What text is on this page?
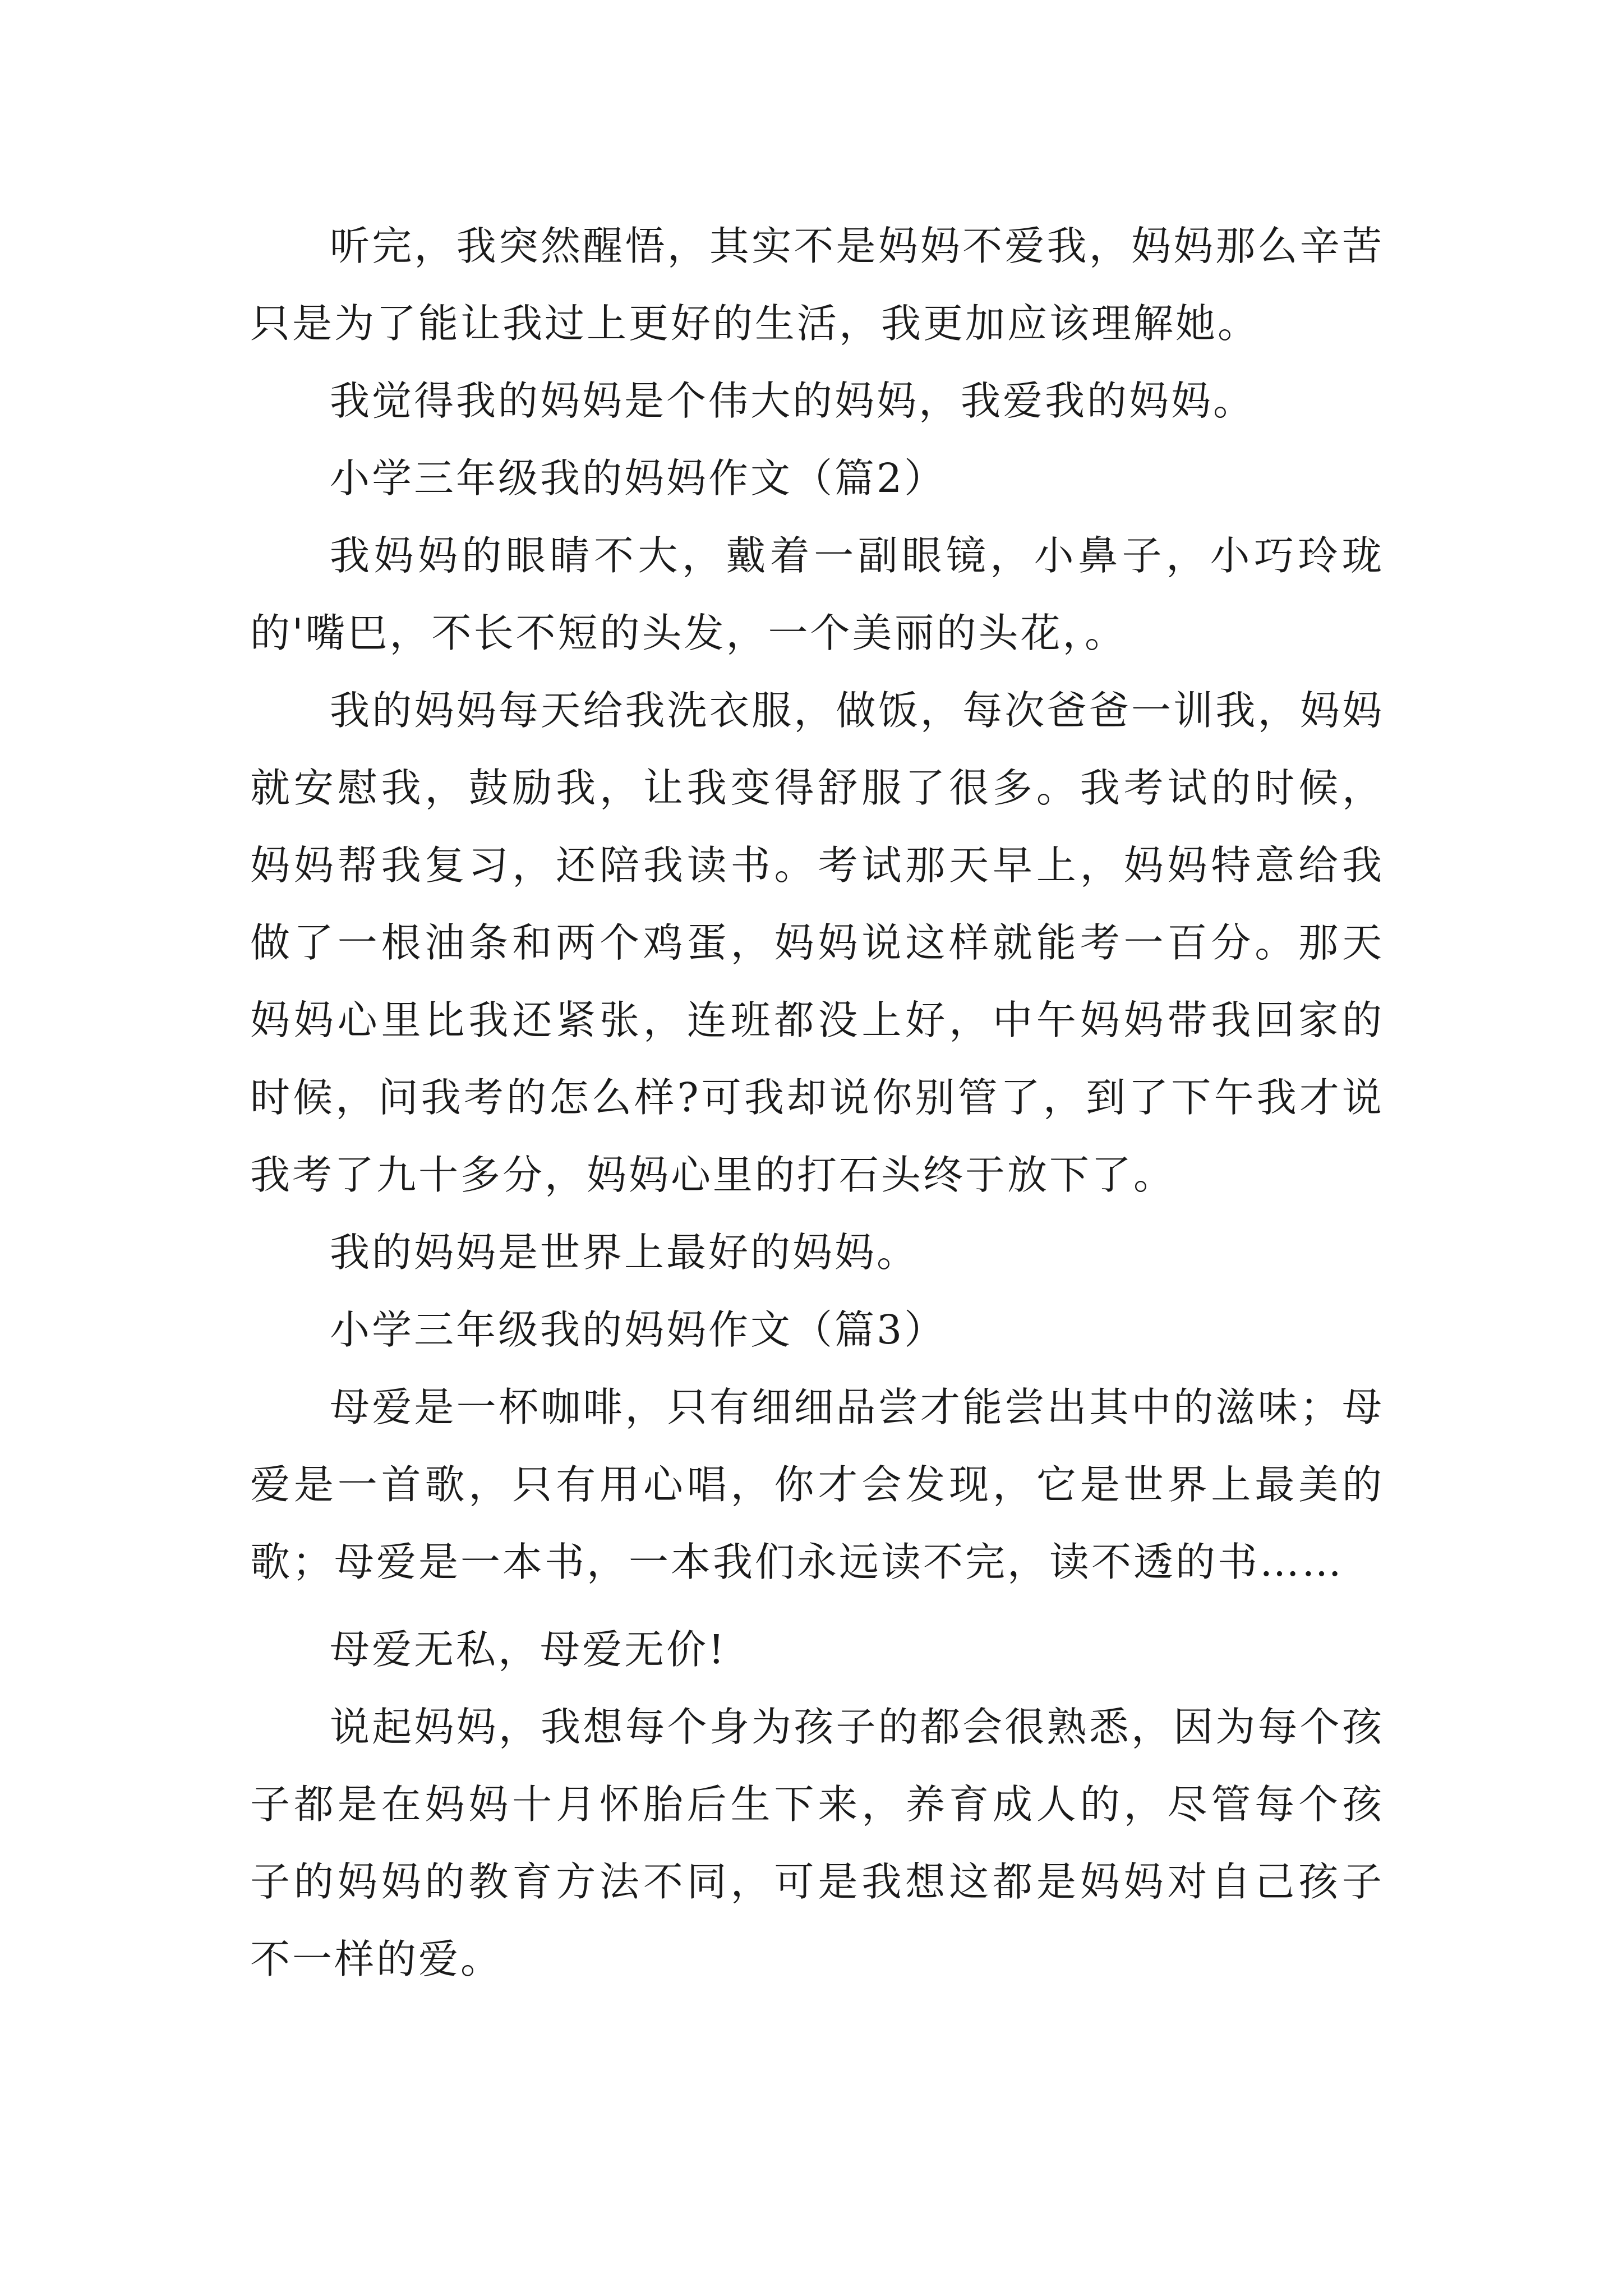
听完，我突然醒悟，其实不是妈妈不爱我，妈妈那么辛苦只是为了能让我过上更好的生活，我更加应该理解她。

我觉得我的妈妈是个伟大的妈妈，我爱我的妈妈。

小学三年级我的妈妈作文（篇2）

我妈妈的眼睛不大，戴着一副眼镜，小鼻子，小巧玲珑的'嘴巴，不长不短的头发，一个美丽的头花，。

我的妈妈每天给我洗衣服，做饭，每次爸爸一训我，妈妈就安慰我，鼓励我，让我变得舒服了很多。我考试的时候，妈妈帮我复习，还陪我读书。考试那天早上，妈妈特意给我做了一根油条和两个鸡蛋，妈妈说这样就能考一百分。那天妈妈心里比我还紧张，连班都没上好，中午妈妈带我回家的时候，问我考的怎么样?可我却说你别管了，到了下午我才说我考了九十多分，妈妈心里的打石头终于放下了。

我的妈妈是世界上最好的妈妈。

小学三年级我的妈妈作文（篇3）

母爱是一杯咖啡，只有细细品尝才能尝出其中的滋味；母爱是一首歌，只有用心唱，你才会发现，它是世界上最美的歌；母爱是一本书，一本我们永远读不完，读不透的书……

母爱无私，母爱无价!

说起妈妈，我想每个身为孩子的都会很熟悉，因为每个孩子都是在妈妈十月怀胎后生下来，养育成人的，尽管每个孩子的妈妈的教育方法不同，可是我想这都是妈妈对自己孩子不一样的爱。
